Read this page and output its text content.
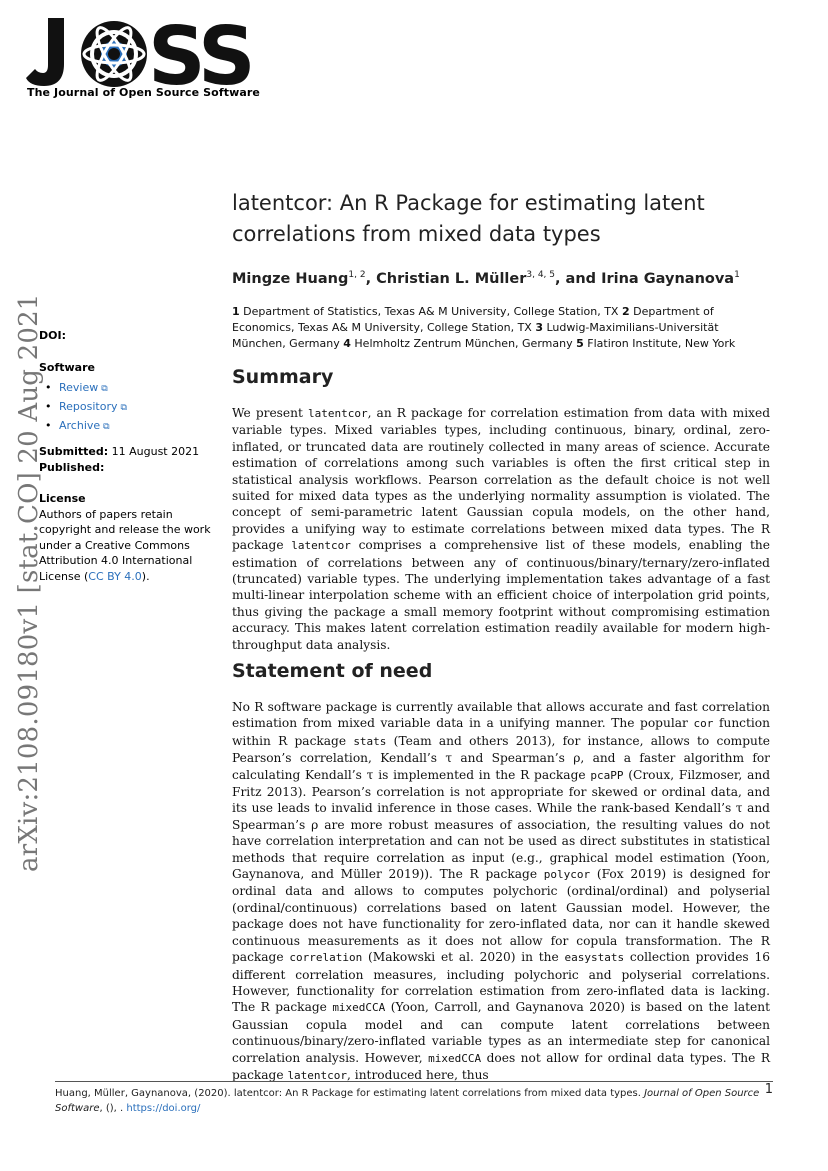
S
S
The Journal of Open Source Software
arXiv:2108.09180v1 [stat.CO] 20 Aug 2021
DOI:
Software
• Review ⧉
• Repository ⧉
• Archive ⧉
Submitted: 11 August 2021
Published:
License
Authors of papers retain copyright and release the work under a Creative Commons Attribution 4.0 International License (CC BY 4.0).
latentcor: An R Package for estimating latent
correlations from mixed data types
Mingze Huang$^{1, 2}$, Christian L. Müller$^{3, 4, 5}$, and Irina Gaynanova$^1$
1 Department of Statistics, Texas A& M University, College Station, TX 2 Department of Economics, Texas A& M University, College Station, TX 3 Ludwig-Maximilians-Universität München, Germany 4 Helmholtz Zentrum München, Germany 5 Flatiron Institute, New York
Summary

We present latentcor, an R package for correlation estimation from data with mixed variable types. Mixed variables types, including continuous, binary, ordinal, zero-inflated, or truncated data are routinely collected in many areas of science. Accurate estimation of correlations among such variables is often the first critical step in statistical analysis workflows. Pearson correlation as the default choice is not well suited for mixed data types as the underlying normality assumption is violated. The concept of semi-parametric latent Gaussian copula models, on the other hand, provides a unifying way to estimate correlations between mixed data types. The R package latentcor comprises a comprehensive list of these models, enabling the estimation of correlations between any of continuous/binary/ternary/zero-inflated (truncated) variable types. The underlying implementation takes advantage of a fast multi-linear interpolation scheme with an efficient choice of interpolation grid points, thus giving the package a small memory footprint without compromising estimation accuracy. This makes latent correlation estimation readily available for modern high-throughput data analysis.

Statement of need

No R software package is currently available that allows accurate and fast correlation estimation from mixed variable data in a unifying manner. The popular cor function within R package stats (Team and others 2013), for instance, allows to compute Pearson’s correlation, Kendall’s τ and Spearman’s ρ, and a faster algorithm for calculating Kendall’s τ is implemented in the R package pcaPP (Croux, Filzmoser, and Fritz 2013). Pearson’s correlation is not appropriate for skewed or ordinal data, and its use leads to invalid inference in those cases. While the rank-based Kendall’s τ and Spearman’s ρ are more robust measures of association, the resulting values do not have correlation interpretation and can not be used as direct substitutes in statistical methods that require correlation as input (e.g., graphical model estimation (Yoon, Gaynanova, and Müller 2019)). The R package polycor (Fox 2019) is designed for ordinal data and allows to computes polychoric (ordinal/ordinal) and polyserial (ordinal/continuous) correlations based on latent Gaussian model. However, the package does not have functionality for zero-inflated data, nor can it handle skewed continuous measurements as it does not allow for copula transformation. The R package correlation (Makowski et al. 2020) in the easystats collection provides 16 different correlation measures, including polychoric and polyserial correlations. However, functionality for correlation estimation from zero-inflated data is lacking. The R package mixedCCA (Yoon, Carroll, and Gaynanova 2020) is based on the latent Gaussian copula model and can compute latent correlations between continuous/binary/zero-inflated variable types as an intermediate step for canonical correlation analysis. However, mixedCCA does not allow for ordinal data types. The R package latentcor, introduced here, thus

Huang, Müller, Gaynanova, (2020). latentcor: An R Package for estimating latent correlations from mixed data types. Journal of Open Source Software, (), . https://doi.org/
1
